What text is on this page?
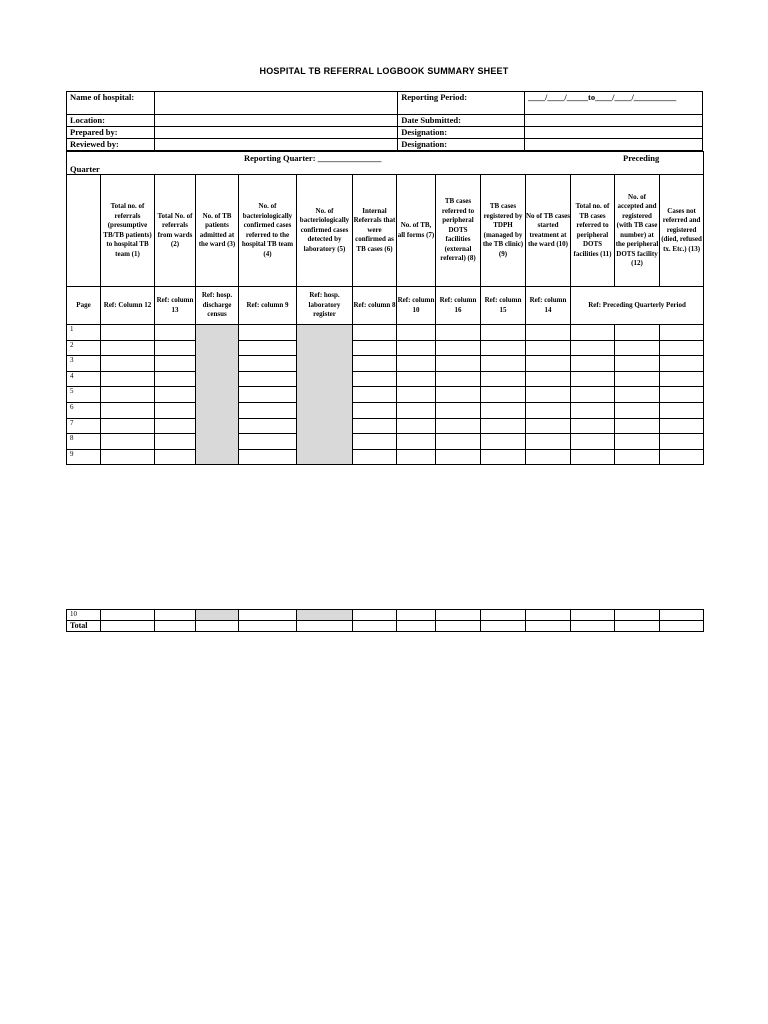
HOSPITAL TB REFERRAL LOGBOOK SUMMARY SHEET
Name of hospital:		Reporting Period:	____/____/_____to____/____/__________
Location:		Date Submitted:	
Prepared by:		Designation:	
Reviewed by:		Designation:	
Reporting Quarter: _______________ Preceding
Quarter													

	Total no. of referrals (presumptive TB/TB patients) to hospital TB team (1)	Total No. of referrals from wards (2)	No. of TB patients admitted at the ward (3)	No. of bacteriologically confirmed cases referred to the hospital TB team (4)	No. of bacteriologically confirmed cases detected by laboratory (5)	Internal Referrals that were confirmed as TB cases (6)	No. of TB, all forms (7)	TB cases referred to peripheral DOTS facilities (external referral) (8)	TB cases registered by TDPH (managed by the TB clinic) (9)	No of TB cases started treatment at the ward (10)	Total no. of TB cases referred to peripheral DOTS facilities (11)	No. of accepted and registered (with TB case number) at the peripheral DOTS facility (12)	Cases not referred and registered (died, refused tx. Etc.) (13)
Page	Ref: Column 12	Ref: column 13	Ref: hosp. discharge census	Ref: column 9	Ref: hosp. laboratory register	Ref: column 8	Ref: column 10	Ref: column 16	Ref: column 15	Ref: column 14	Ref: Preceding Quarterly Period		
1													
2													
3													
4													
5													
6													
7													
8													
9													
10													
Total													
